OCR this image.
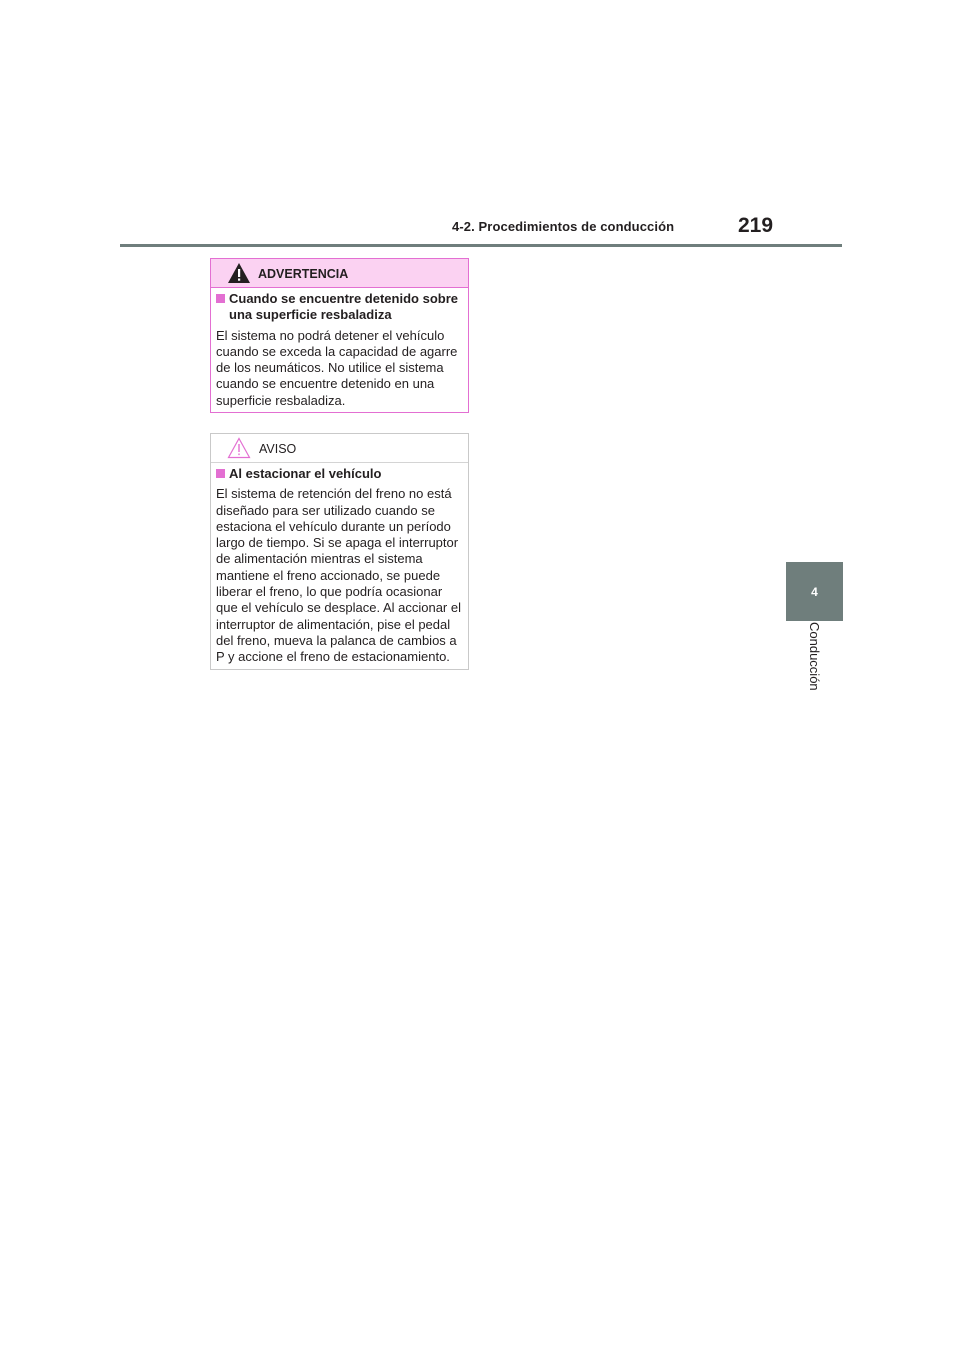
4-2. Procedimientos de conducción	219
4
Conducción
ADVERTENCIA
Cuando se encuentre detenido sobre una superficie resbaladiza

El sistema no podrá detener el vehículo cuando se exceda la capacidad de agarre de los neumáticos. No utilice el sistema cuando se encuentre detenido en una superficie resbaladiza.

AVISO
Al estacionar el vehículo

El sistema de retención del freno no está diseñado para ser utilizado cuando se estaciona el vehículo durante un período largo de tiempo. Si se apaga el interruptor de alimentación mientras el sistema mantiene el freno accionado, se puede liberar el freno, lo que podría ocasionar que el vehículo se desplace. Al accionar el interruptor de alimentación, pise el pedal del freno, mueva la palanca de cambios a P y accione el freno de estacionamiento.
